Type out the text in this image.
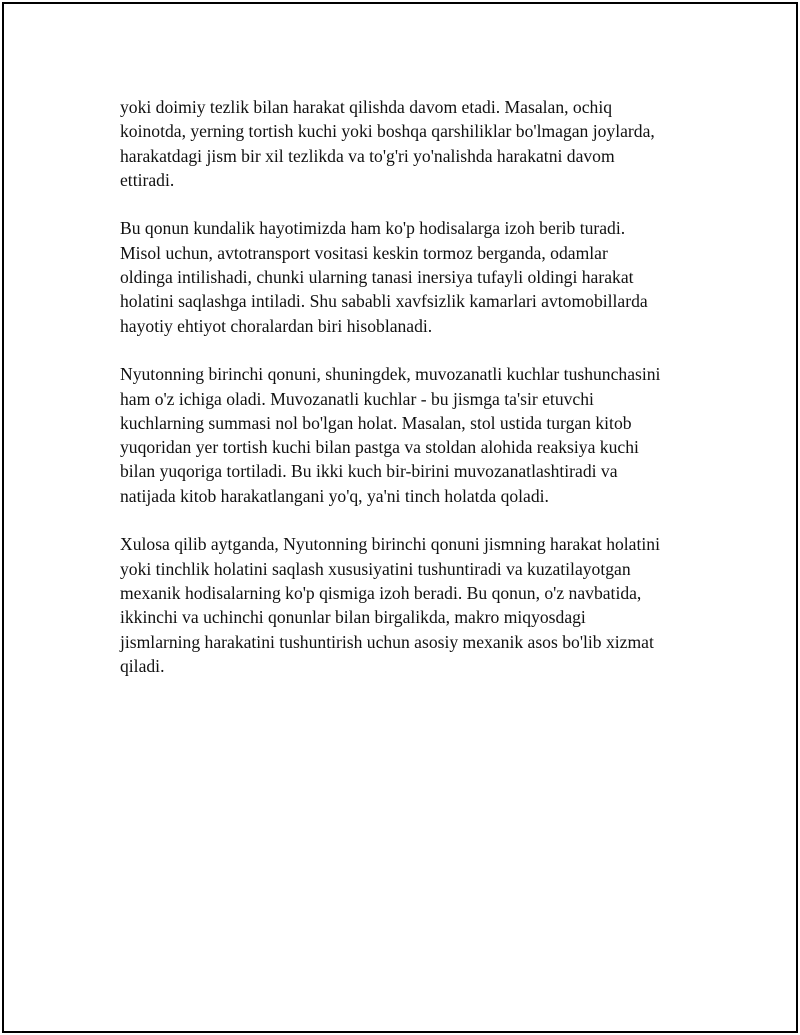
yoki doimiy tezlik bilan harakat qilishda davom etadi. Masalan, ochiq
koinotda, yerning tortish kuchi yoki boshqa qarshiliklar bo'lmagan joylarda,
harakatdagi jism bir xil tezlikda va to'g'ri yo'nalishda harakatni davom
ettiradi.

Bu qonun kundalik hayotimizda ham ko'p hodisalarga izoh berib turadi.
Misol uchun, avtotransport vositasi keskin tormoz berganda, odamlar
oldinga intilishadi, chunki ularning tanasi inersiya tufayli oldingi harakat
holatini saqlashga intiladi. Shu sababli xavfsizlik kamarlari avtomobillarda
hayotiy ehtiyot choralardan biri hisoblanadi.

Nyutonning birinchi qonuni, shuningdek, muvozanatli kuchlar tushunchasini
ham o'z ichiga oladi. Muvozanatli kuchlar - bu jismga ta'sir etuvchi
kuchlarning summasi nol bo'lgan holat. Masalan, stol ustida turgan kitob
yuqoridan yer tortish kuchi bilan pastga va stoldan alohida reaksiya kuchi
bilan yuqoriga tortiladi. Bu ikki kuch bir-birini muvozanatlashtiradi va
natijada kitob harakatlangani yo'q, ya'ni tinch holatda qoladi.

Xulosa qilib aytganda, Nyutonning birinchi qonuni jismning harakat holatini
yoki tinchlik holatini saqlash xususiyatini tushuntiradi va kuzatilayotgan
mexanik hodisalarning ko'p qismiga izoh beradi. Bu qonun, o'z navbatida,
ikkinchi va uchinchi qonunlar bilan birgalikda, makro miqyosdagi
jismlarning harakatini tushuntirish uchun asosiy mexanik asos bo'lib xizmat
qiladi.
